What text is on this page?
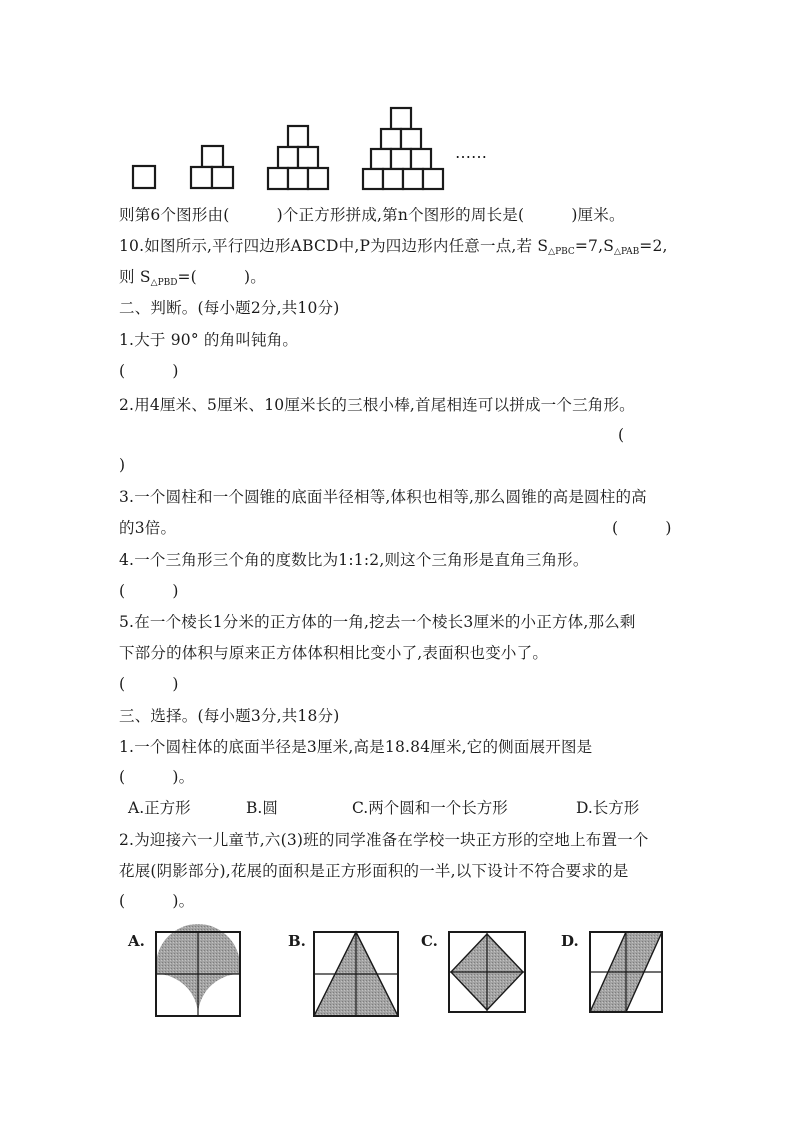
……
则第6个图形由(　　　)个正方形拼成,第n个图形的周长是(　　　)厘米。
10.如图所示,平行四边形ABCD中,P为四边形内任意一点,若 $S_{\triangle PBC}=7,S_{\triangle PAB}=2$,
则 $S_{\triangle PBD}=$(　　　)。
二、判断。(每小题2分,共10分)
1.大于 90° 的角叫钝角。
(　　　)
2.用4厘米、5厘米、10厘米长的三根小棒,首尾相连可以拼成一个三角形。
(
)
3.一个圆柱和一个圆锥的底面半径相等,体积也相等,那么圆锥的高是圆柱的高
的3倍。	(　　　)
4.一个三角形三个角的度数比为1:1:2,则这个三角形是直角三角形。
(　　　)
5.在一个棱长1分米的正方体的一角,挖去一个棱长3厘米的小正方体,那么剩
下部分的体积与原来正方体体积相比变小了,表面积也变小了。
(　　　)
三、选择。(每小题3分,共18分)
1.一个圆柱体的底面半径是3厘米,高是18.84厘米,它的侧面展开图是
(　　　)。
A.正方形	B.圆	C.两个圆和一个长方形	D.长方形
2.为迎接六一儿童节,六(3)班的同学准备在学校一块正方形的空地上布置一个
花展(阴影部分),花展的面积是正方形面积的一半,以下设计不符合要求的是
(　　　)。
A.	B.	C.	D.
